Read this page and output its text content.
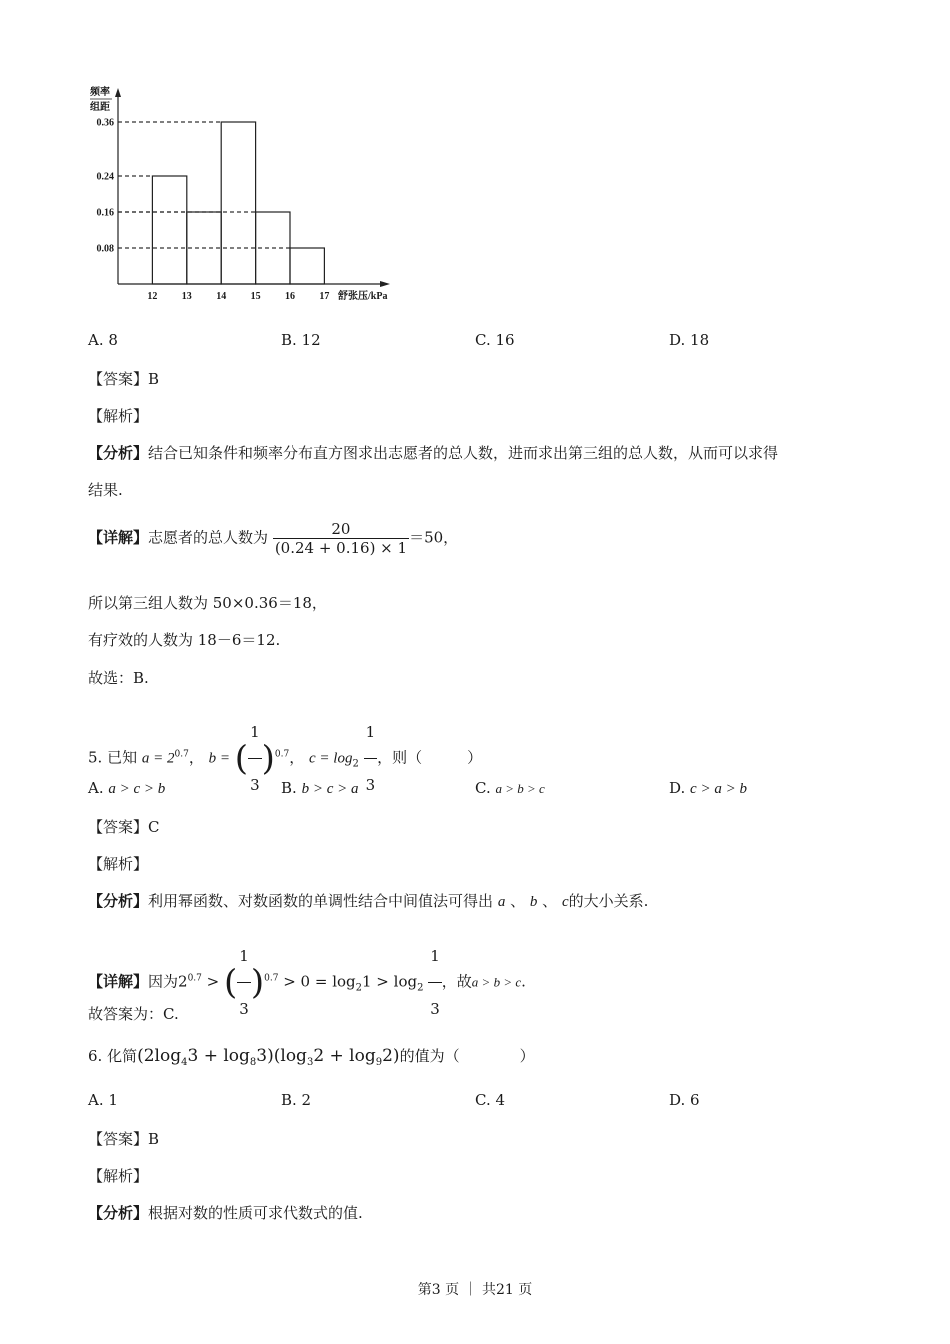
0.36
0.24
0.16
0.08
12 13 14 15 16 17 舒张压/kPa
频率
组距
A. 8	B. 12	C. 16	D. 18
【答案】B
【解析】
【分析】结合已知条件和频率分布直方图求出志愿者的总人数，进而求出第三组的总人数，从而可以求得
结果.
【详解】志愿者的总人数为 $\frac{20}{(0.24 + 0.16) \times 1} =50$，
所以第三组人数为 50×0.36＝18，
有疗效的人数为 18－6＝12.
故选：B.
5. 已知 $a = 2^{0.7}$， b = ( $\frac{1}{3} )^{0.7}$， $c = \log_2 \frac{1}{3}$ ，则（　　　）
A. a > c > b	B. b > c > a	C. a > b > c	D. c > a > b
【答案】C
【解析】
【分析】利用幂函数、对数函数的单调性结合中间值法可得出 a 、 b 、 c的大小关系.
【详解】因为$2^{0.7}$ > ( $\frac{1}{3} )^{0.7} > 0 = \log_21 > \log_2 \frac{1}{3}$ ，故a > b > c.
故答案为：C.
6. 化简$(2\log_43 + \log_83)(\log_32 + \log_92)$的值为（　　　　）
A. 1	B. 2	C. 4	D. 6
【答案】B
【解析】
【分析】根据对数的性质可求代数式的值.
第3 页 ｜ 共21 页
